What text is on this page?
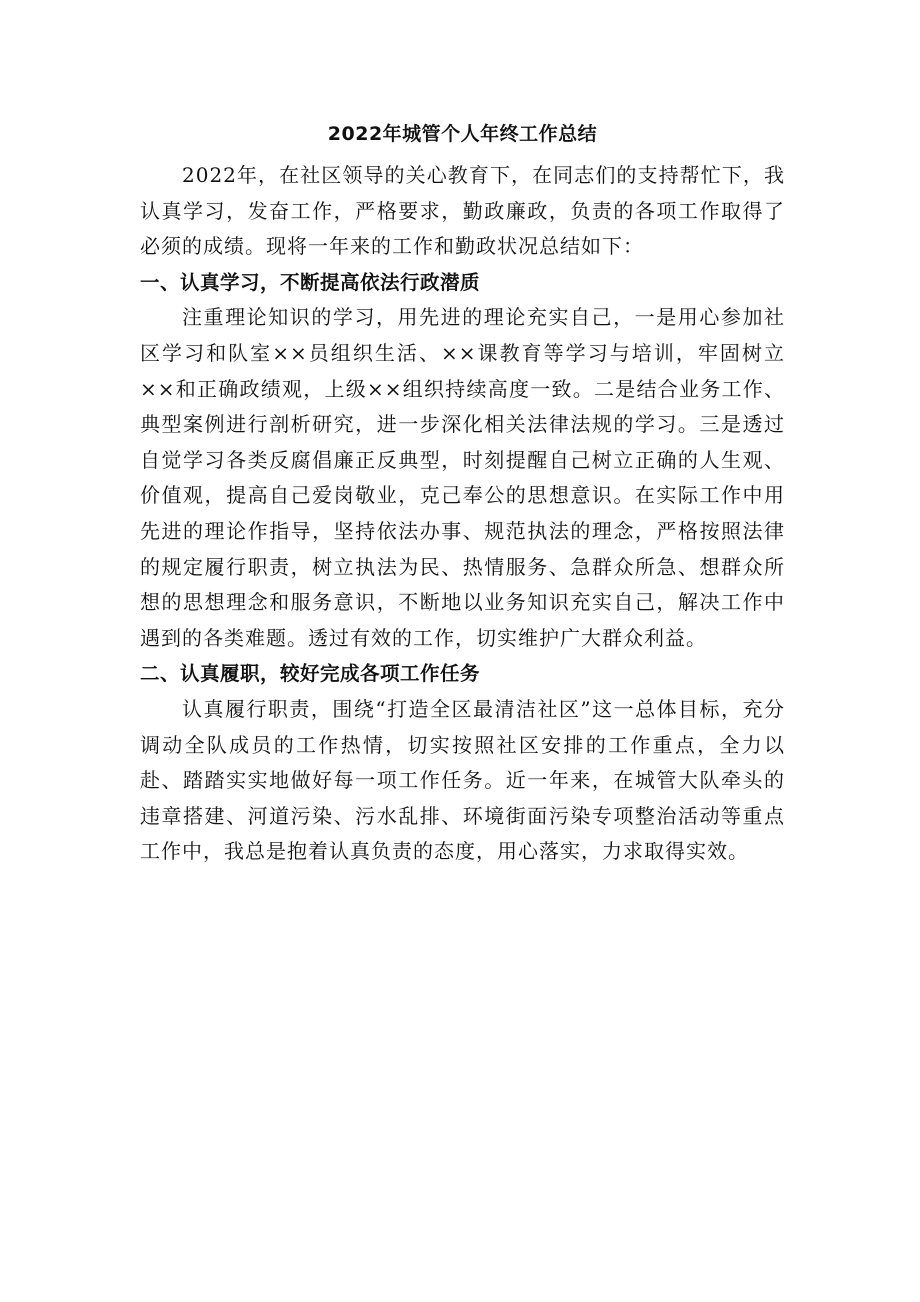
2022年城管个人年终工作总结

2022年，在社区领导的关心教育下，在同志们的支持帮忙下，我认真学习，发奋工作，严格要求，勤政廉政，负责的各项工作取得了必须的成绩。现将一年来的工作和勤政状况总结如下：

一、认真学习，不断提高依法行政潜质

注重理论知识的学习，用先进的理论充实自己，一是用心参加社区学习和队室××员组织生活、××课教育等学习与培训，牢固树立××和正确政绩观，上级××组织持续高度一致。二是结合业务工作、典型案例进行剖析研究，进一步深化相关法律法规的学习。三是透过自觉学习各类反腐倡廉正反典型，时刻提醒自己树立正确的人生观、价值观，提高自己爱岗敬业，克己奉公的思想意识。在实际工作中用先进的理论作指导，坚持依法办事、规范执法的理念，严格按照法律的规定履行职责，树立执法为民、热情服务、急群众所急、想群众所想的思想理念和服务意识，不断地以业务知识充实自己，解决工作中遇到的各类难题。透过有效的工作，切实维护广大群众利益。

二、认真履职，较好完成各项工作任务

认真履行职责，围绕“打造全区最清洁社区”这一总体目标，充分调动全队成员的工作热情，切实按照社区安排的工作重点，全力以赴、踏踏实实地做好每一项工作任务。近一年来，在城管大队牵头的违章搭建、河道污染、污水乱排、环境街面污染专项整治活动等重点工作中，我总是抱着认真负责的态度，用心落实，力求取得实效。
